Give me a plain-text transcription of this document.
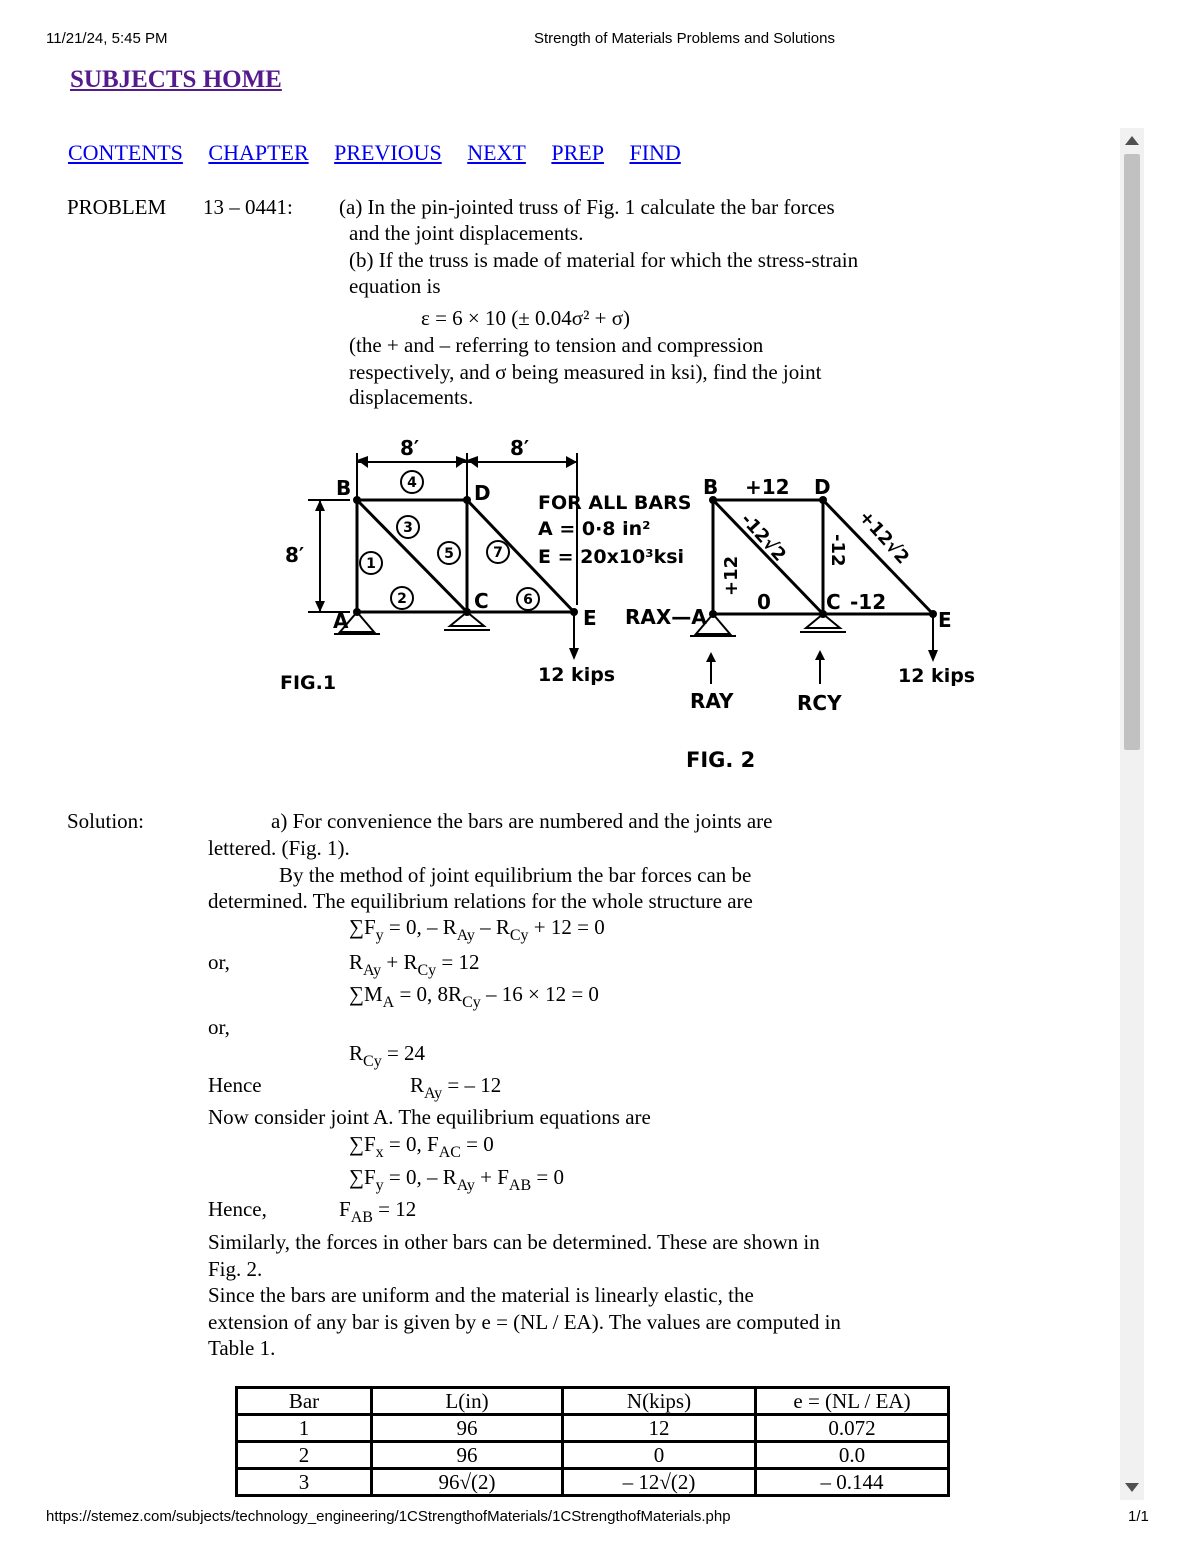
11/21/24, 5:45 PM	Strength of Materials Problems and Solutions
SUBJECTS HOME
CONTENTS CHAPTER PREVIOUS NEXT PREP FIND
PROBLEM 13 – 0441: (a) In the pin-jointed truss of Fig. 1 calculate the bar forces
and the joint displacements.
(b) If the truss is made of material for which the stress-strain
equation is
ε = 6 × 10 (± 0.04σ² + σ)
(the + and – referring to tension and compression
respectively, and σ being measured in ksi), find the joint
displacements.
8′	8′
8′
B	D
A
C
E
FOR ALL BARS
A = 0·8 in²
E = 20x10³ksi
12 kips
FIG.1
4
3
1
5	7
2	6
B	D
C
E
+12
0	-12
RAX—A
RAY	RCY
12 kips
FIG. 2
+12
-12
-12√2	+12√2
Solution:	a) For convenience the bars are numbered and the joints are
lettered. (Fig. 1).
By the method of joint equilibrium the bar forces can be
determined. The equilibrium relations for the whole structure are
$\sum F_y = 0$, – $R_{Ay} - R_{Cy} + 12 = 0$
or,	$R_{Ay} + R_{Cy} = 12$
$\sum M_A = 0$, $8R_{Cy} - 16 \times 12 = 0$
or,
$R_{Cy} = 24$
Hence	$R_{Ay}$ = – 12
Now consider joint A. The equilibrium equations are
$\sum F_x = 0$, $F_{AC} = 0$
$\sum F_y = 0$, – $R_{Ay} + F_{AB} = 0$
Hence,	$F_{AB} = 12$
Similarly, the forces in other bars can be determined. These are shown in
Fig. 2.
Since the bars are uniform and the material is linearly elastic, the
extension of any bar is given by e = (NL / EA). The values are computed in
Table 1.
Bar	L(in)	N(kips)	e = (NL / EA)
1	96	12	0.072
2	96	0	0.0
3	96√(2)	– 12√(2)	– 0.144
https://stemez.com/subjects/technology_engineering/1CStrengthofMaterials/1CStrengthofMaterials.php	1/1
